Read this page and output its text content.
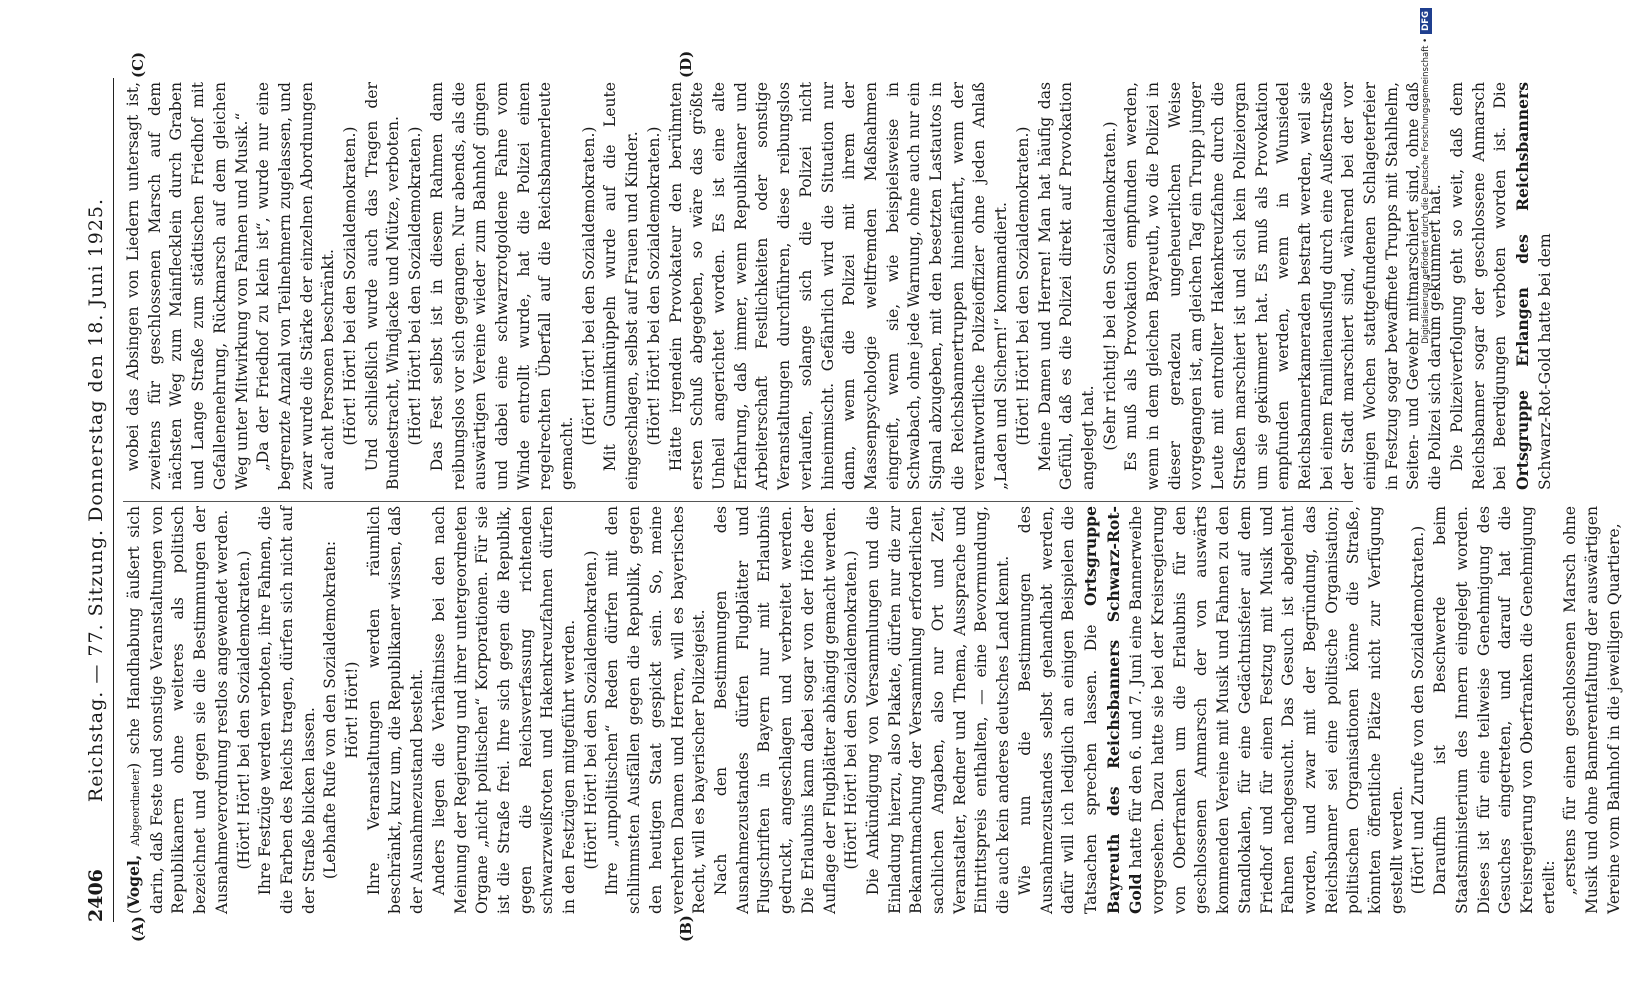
2406
Reichstag. — 77. Sitzung. Donnerstag den 18. Juni 1925.
(A)	(B)
(C)	(D)

(Vogel, Abgeordneter) sche Handhabung äußert sich darin, daß Feste und sonstige Veranstaltungen von Republikanern ohne weiteres als politisch bezeichnet und gegen sie die Bestimmungen der Ausnahmeverordnung restlos angewendet werden. (Hört! Hört! bei den Sozialdemokraten.) Ihre Festzüge werden verboten, ihre Fahnen, die die Farben des Reichs tragen, dürfen sich nicht auf der Straße blicken lassen. (Lebhafte Rufe von den Sozialdemokraten: Hört! Hört!) Ihre Veranstaltungen werden räumlich beschränkt, kurz um, die Republikaner wissen, daß der Ausnahmezustand besteht. Anders liegen die Verhältnisse bei den nach Meinung der Regierung und ihrer untergeordneten Organe „nicht politischen“ Korporationen. Für sie ist die Straße frei. Ihre sich gegen die Republik, gegen die Reichsverfassung richtenden schwarzweißroten und Hakenkreuzfahnen dürfen in den Festzügen mitgeführt werden. (Hört! Hört! bei den Sozialdemokraten.) Ihre „unpolitischen“ Reden dürfen mit den schlimmsten Ausfällen gegen die Republik, gegen den heutigen Staat gespickt sein. So, meine verehrten Damen und Herren, will es bayerisches Recht, will es bayerischer Polizeigeist. Nach den Bestimmungen des Ausnahmezustandes dürfen Flugblätter und Flugschriften in Bayern nur mit Erlaubnis gedruckt, angeschlagen und verbreitet werden. Die Erlaubnis kann dabei sogar von der Höhe der Auflage der Flugblätter abhängig gemacht werden. (Hört! Hört! bei den Sozialdemokraten.) Die Ankündigung von Versammlungen und die Einladung hierzu, also Plakate, dürfen nur die zur Bekanntmachung der Versammlung erforderlichen sachlichen Angaben, also nur Ort und Zeit, Veranstalter, Redner und Thema, Aussprache und Eintrittspreis enthalten, — eine Bevormundung, die auch kein anderes deutsches Land kennt. Wie nun die Bestimmungen des Ausnahmezustandes selbst gehandhabt werden, dafür will ich lediglich an einigen Beispielen die Tatsachen sprechen lassen. Die Ortsgruppe Bayreuth des Reichsbanners Schwarz-Rot-Gold hatte für den 6. und 7. Juni eine Bannerweihe vorgesehen. Dazu hatte sie bei der Kreisregierung von Oberfranken um die Erlaubnis für den geschlossenen Anmarsch der von auswärts kommenden Vereine mit Musik und Fahnen zu den Standlokalen, für eine Gedächtnisfeier auf dem Friedhof und für einen Festzug mit Musik und Fahnen nachgesucht. Das Gesuch ist abgelehnt worden, und zwar mit der Begründung, das Reichsbanner sei eine politische Organisation; politischen Organisationen könne die Straße, könnten öffentliche Plätze nicht zur Verfügung gestellt werden. (Hört! und Zurufe von den Sozialdemokraten.) Daraufhin ist Beschwerde beim Staatsministerium des Innern eingelegt worden. Dieses ist für eine teilweise Genehmigung des Gesuches eingetreten, und darauf hat die Kreisregierung von Oberfranken die Genehmigung erteilt: „erstens für einen geschlossenen Marsch ohne Musik und ohne Bannerentfaltung der auswärtigen Vereine vom Bahnhof in die jeweiligen Quartiere,

wobei das Absingen von Liedern untersagt ist, zweitens für geschlossenen Marsch auf dem nächsten Weg zum Mainflecklein durch Graben und Lange Straße zum städtischen Friedhof mit Gefallenenehrung, Rückmarsch auf dem gleichen Weg unter Mitwirkung von Fahnen und Musik.“ „Da der Friedhof zu klein ist“, wurde nur eine begrenzte Anzahl von Teilnehmern zugelassen, und zwar wurde die Stärke der einzelnen Abordnungen auf acht Personen beschränkt. (Hört! Hört! bei den Sozialdemokraten.) Und schließlich wurde auch das Tragen der Bundestracht, Windjacke und Mütze, verboten. (Hört! Hört! bei den Sozialdemokraten.) Das Fest selbst ist in diesem Rahmen dann reibungslos vor sich gegangen. Nur abends, als die auswärtigen Vereine wieder zum Bahnhof gingen und dabei eine schwarzrotgoldene Fahne vom Winde entrollt wurde, hat die Polizei einen regelrechten Überfall auf die Reichsbannerleute gemacht.

(Hört! Hört! bei den Sozialdemokraten.) Mit Gummiknüppeln wurde auf die Leute eingeschlagen, selbst auf Frauen und Kinder. (Hört! Hört! bei den Sozialdemokraten.) Hätte irgendein Provokateur den berühmten ersten Schuß abgegeben, so wäre das größte Unheil angerichtet worden. Es ist eine alte Erfahrung, daß immer, wenn Republikaner und Arbeiterschaft Festlichkeiten oder sonstige Veranstaltungen durchführen, diese reibungslos verlaufen, solange sich die Polizei nicht hineinmischt. Gefährlich wird die Situation nur dann, wenn die Polizei mit ihrem der Massenpsychologie weltfremden Maßnahmen eingreift, wenn sie, wie beispielsweise in Schwabach, ohne jede Warnung, ohne auch nur ein Signal abzugeben, mit den besetzten Lastautos in die Reichsbannertruppen hineinfährt, wenn der verantwortliche Polizeioffizier ohne jeden Anlaß „Laden und Sichern!“ kommandiert. (Hört! Hört! bei den Sozialdemokraten.) Meine Damen und Herren! Man hat häufig das Gefühl, daß es die Polizei direkt auf Provokation angelegt hat. (Sehr richtig! bei den Sozialdemokraten.) Es muß als Provokation empfunden werden, wenn in dem gleichen Bayreuth, wo die Polizei in dieser geradezu ungeheuerlichen Weise vorgegangen ist, am gleichen Tag ein Trupp junger Leute mit entrollter Hakenkreuzfahne durch die Straßen marschiert ist und sich kein Polizeiorgan um sie gekümmert hat. Es muß als Provokation empfunden werden, wenn in Wunsiedel Reichsbannerkameraden bestraft werden, weil sie bei einem Familienausflug durch eine Außenstraße der Stadt marschiert sind, während bei der vor einigen Wochen stattgefundenen Schlageterfeier in Festzug sogar bewaffnete Trupps mit Stahlhelm, Seiten- und Gewehr mitmarschiert sind, ohne daß die Polizei sich darum gekümmert hat. Die Polizeiverfolgung geht so weit, daß dem Reichsbanner sogar der geschlossene Anmarsch bei Beerdigungen verboten worden ist. Die Ortsgruppe Erlangen des Reichsbanners Schwarz-Rot-Gold hatte bei dem

Digitalisierung gefördert durch die Deutsche Forschungsgemeinschaft •DFG
